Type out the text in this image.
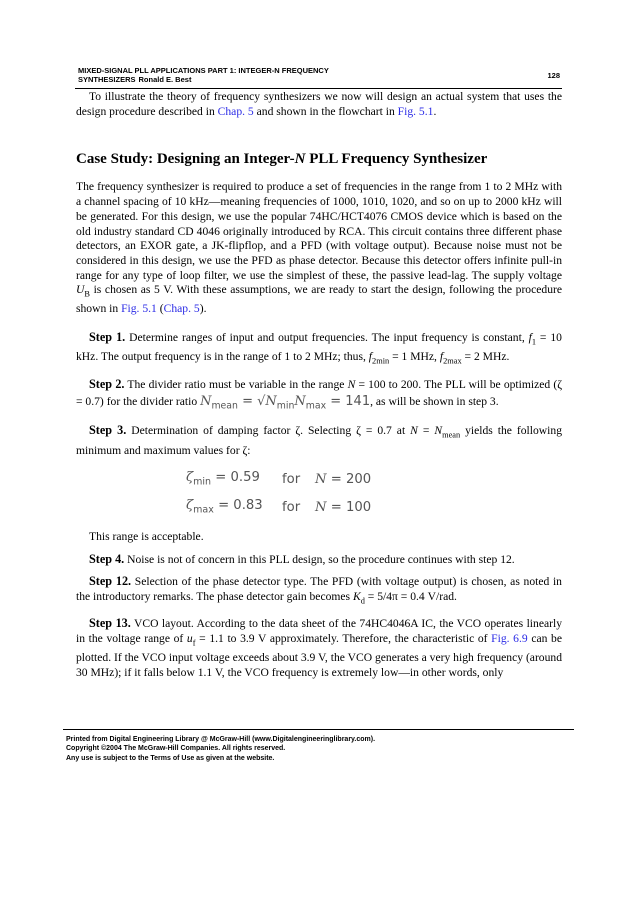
MIXED-SIGNAL PLL APPLICATIONS PART 1: INTEGER-N FREQUENCY
SYNTHESIZERS Ronald E. Best	128

To illustrate the theory of frequency synthesizers we now will design an actual system that uses the design procedure described in Chap. 5 and shown in the flowchart in Fig. 5.1.

Case Study: Designing an Integer-N PLL Frequency Synthesizer

The frequency synthesizer is required to produce a set of frequencies in the range from 1 to 2 MHz with a channel spacing of 10 kHz—meaning frequencies of 1000, 1010, 1020, and so on up to 2000 kHz will be generated. For this design, we use the popular 74HC/HCT4076 CMOS device which is based on the old industry standard CD 4046 originally introduced by RCA. This circuit contains three different phase detectors, an EXOR gate, a JK-flipflop, and a PFD (with voltage output). Because noise must not be considered in this design, we use the PFD as phase detector. Because this detector offers infinite pull-in range for any type of loop filter, we use the simplest of these, the passive lead-lag. The supply voltage $U_B$ is chosen as 5 V. With these assumptions, we are ready to start the design, following the procedure shown in Fig. 5.1 (Chap. 5).

Step 1. Determine ranges of input and output frequencies. The input frequency is constant, $f_1 = 10$ kHz. The output frequency is in the range of 1 to 2 MHz; thus, $f_{2min} = 1$ MHz, $f_{2max} = 2$ MHz.

Step 2. The divider ratio must be variable in the range N = 100 to 200. The PLL will be optimized (ζ = 0.7) for the divider ratio $N_{mean} = √N_{min}N_{max} = 141$, as will be shown in step 3.

Step 3. Determination of damping factor ζ. Selecting ζ = 0.7 at $N = N_{mean}$ yields the following minimum and maximum values for ζ:

$\zeta_{min} = 0.59$	for	N = 200
$\zeta_{max} = 0.83$	for	N = 100

This range is acceptable.

Step 4. Noise is not of concern in this PLL design, so the procedure continues with step 12.

Step 12. Selection of the phase detector type. The PFD (with voltage output) is chosen, as noted in the introductory remarks. The phase detector gain becomes $K_d = 5/4\pi = 0.4$ V/rad.

Step 13. VCO layout. According to the data sheet of the 74HC4046A IC, the VCO operates linearly in the voltage range of $u_f = 1.1$ to 3.9 V approximately. Therefore, the characteristic of Fig. 6.9 can be plotted. If the VCO input voltage exceeds about 3.9 V, the VCO generates a very high frequency (around 30 MHz); if it falls below 1.1 V, the VCO frequency is extremely low—in other words, only

Printed from Digital Engineering Library @ McGraw-Hill (www.Digitalengineeringlibrary.com).
Copyright ©2004 The McGraw-Hill Companies. All rights reserved.
Any use is subject to the Terms of Use as given at the website.
